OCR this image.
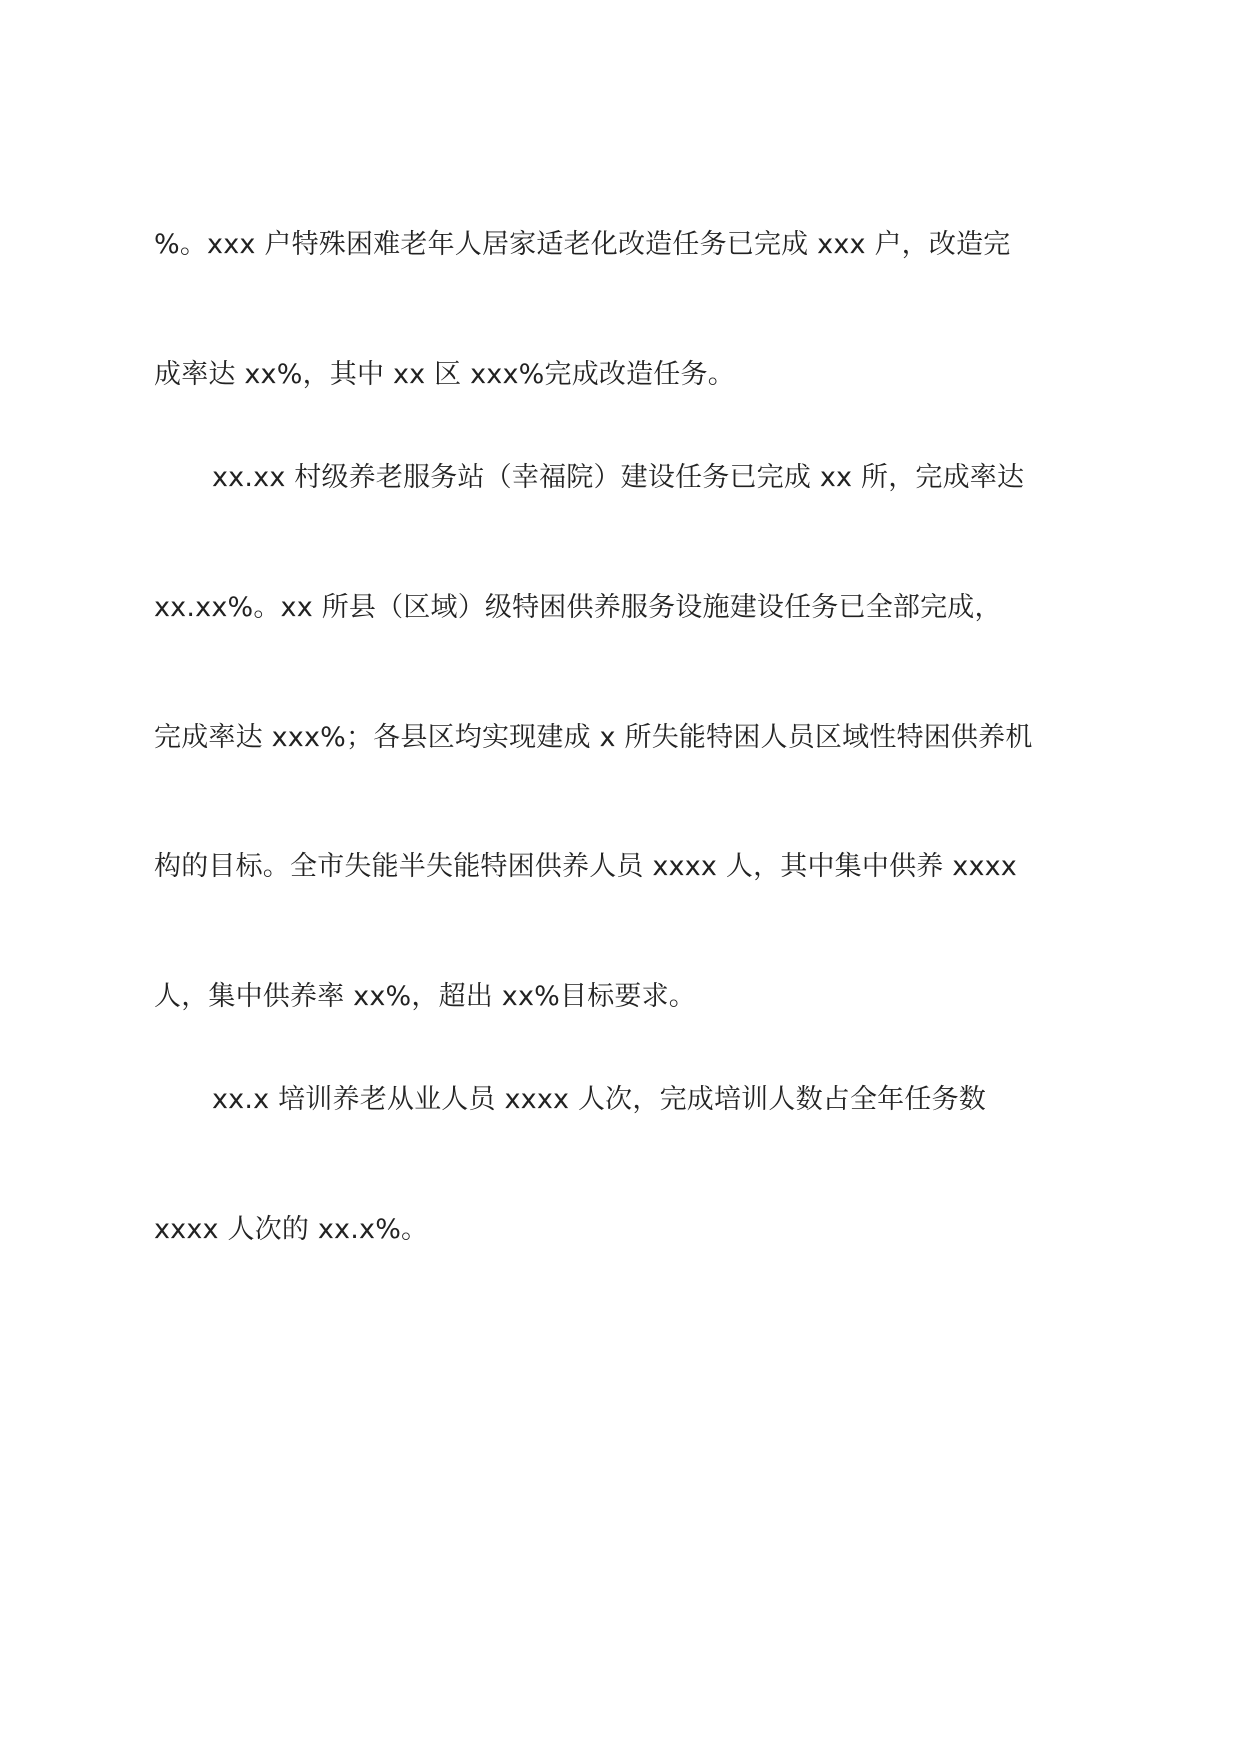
%。xxx 户特殊困难老年人居家适老化改造任务已完成 xxx 户，改造完
成率达 xx%，其中 xx 区 xxx%完成改造任务。
xx.xx 村级养老服务站（幸福院）建设任务已完成 xx 所，完成率达
xx.xx%。xx 所县（区域）级特困供养服务设施建设任务已全部完成，
完成率达 xxx%；各县区均实现建成 x 所失能特困人员区域性特困供养机
构的目标。全市失能半失能特困供养人员 xxxx 人，其中集中供养 xxxx
人，集中供养率 xx%，超出 xx%目标要求。
xx.x 培训养老从业人员 xxxx 人次，完成培训人数占全年任务数
xxxx 人次的 xx.x%。
